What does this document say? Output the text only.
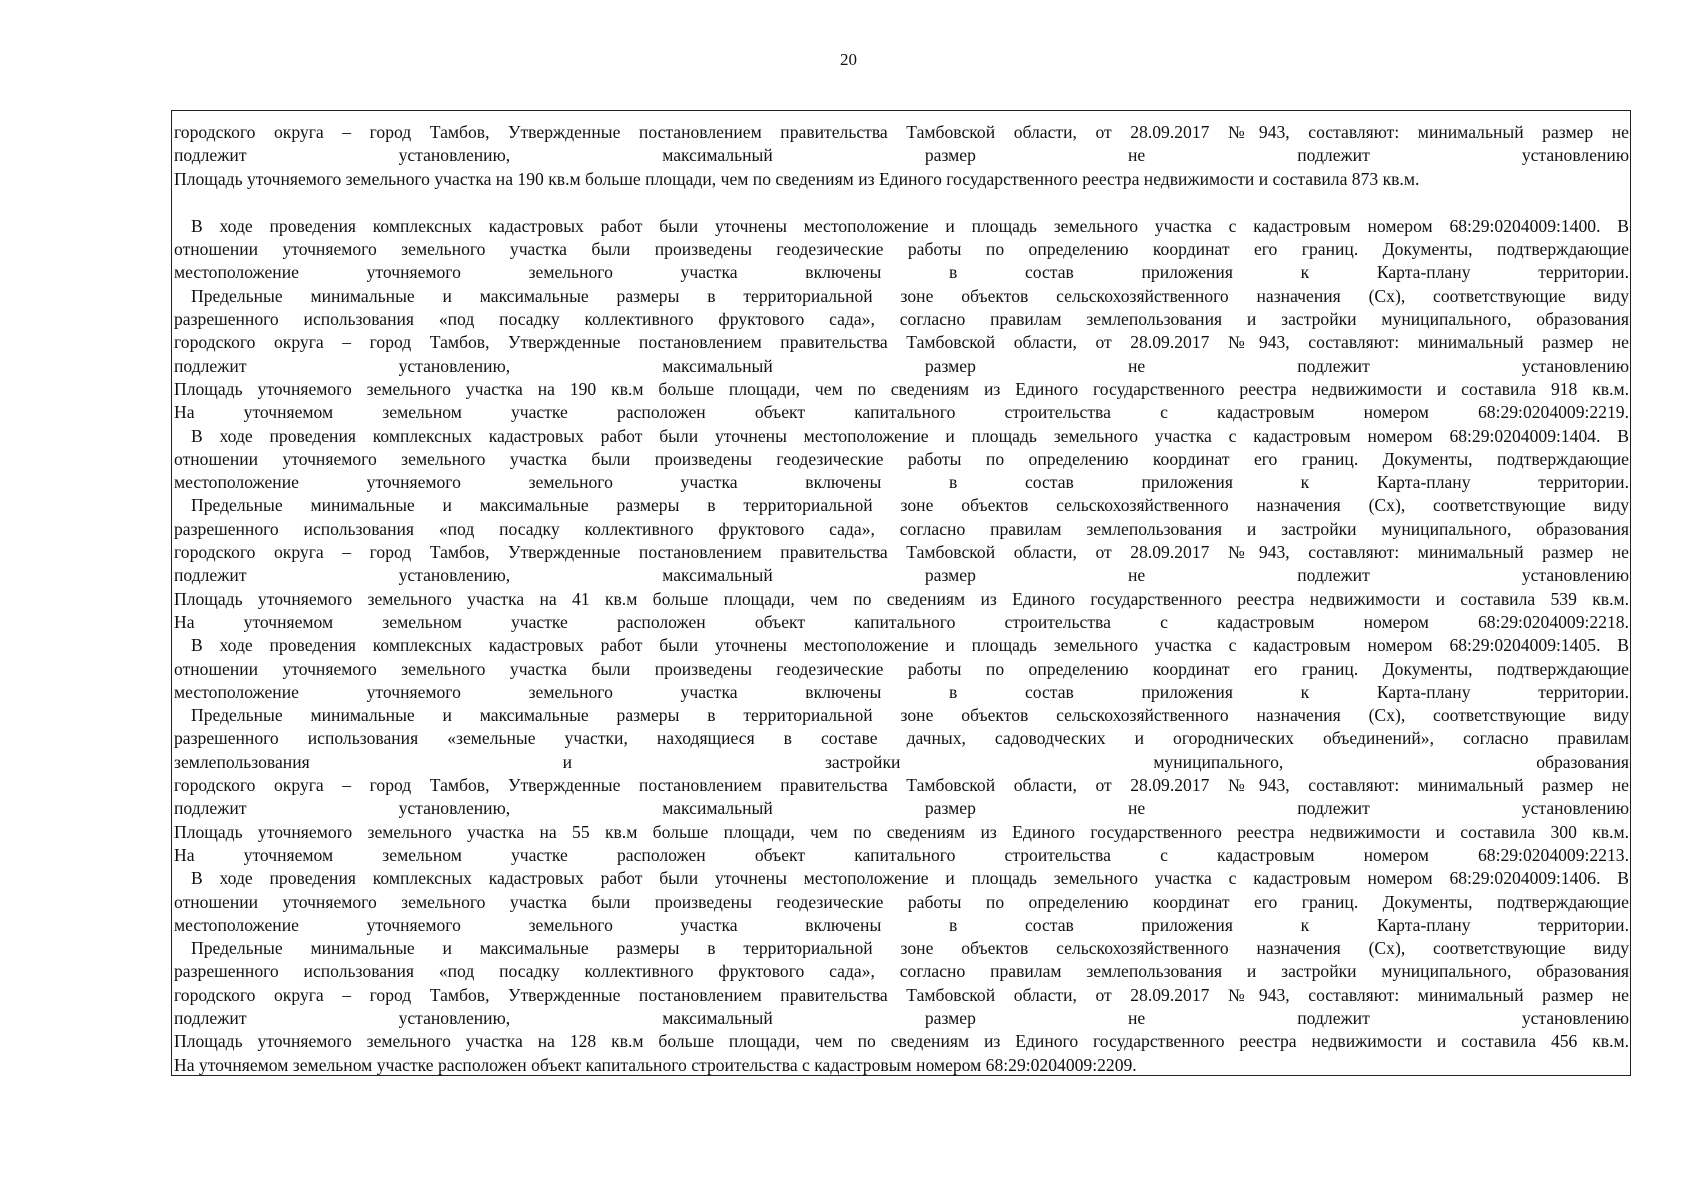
20
городского округа – город Тамбов, Утвержденные постановлением правительства Тамбовской области, от 28.09.2017 №943, составляют: минимальный размер не
подлежит установлению, максимальный размер не подлежит установлению
Площадь уточняемого земельного участка на 190 кв.м больше площади, чем по сведениям из Единого государственного реестра недвижимости и составила 873 кв.м.
В ходе проведения комплексных кадастровых работ были уточнены местоположение и площадь земельного участка с кадастровым номером 68:29:0204009:1400. В
отношении уточняемого земельного участка были произведены геодезические работы по определению координат его границ. Документы, подтверждающие
местоположение уточняемого земельного участка включены в состав приложения к Карта-плану территории.
Предельные минимальные и максимальные размеры в территориальной зоне объектов сельскохозяйственного назначения (Сх), соответствующие виду
разрешенного использования «под посадку коллективного фруктового сада», согласно правилам землепользования и застройки муниципального, образования
городского округа – город Тамбов, Утвержденные постановлением правительства Тамбовской области, от 28.09.2017 №943, составляют: минимальный размер не
подлежит установлению, максимальный размер не подлежит установлению
Площадь уточняемого земельного участка на 190 кв.м больше площади, чем по сведениям из Единого государственного реестра недвижимости и составила 918 кв.м.
На уточняемом земельном участке расположен объект капитального строительства с кадастровым номером 68:29:0204009:2219.
В ходе проведения комплексных кадастровых работ были уточнены местоположение и площадь земельного участка с кадастровым номером 68:29:0204009:1404. В
отношении уточняемого земельного участка были произведены геодезические работы по определению координат его границ. Документы, подтверждающие
местоположение уточняемого земельного участка включены в состав приложения к Карта-плану территории.
Предельные минимальные и максимальные размеры в территориальной зоне объектов сельскохозяйственного назначения (Сх), соответствующие виду
разрешенного использования «под посадку коллективного фруктового сада», согласно правилам землепользования и застройки муниципального, образования
городского округа – город Тамбов, Утвержденные постановлением правительства Тамбовской области, от 28.09.2017 №943, составляют: минимальный размер не
подлежит установлению, максимальный размер не подлежит установлению
Площадь уточняемого земельного участка на 41 кв.м больше площади, чем по сведениям из Единого государственного реестра недвижимости и составила 539 кв.м.
На уточняемом земельном участке расположен объект капитального строительства с кадастровым номером 68:29:0204009:2218.
В ходе проведения комплексных кадастровых работ были уточнены местоположение и площадь земельного участка с кадастровым номером 68:29:0204009:1405. В
отношении уточняемого земельного участка были произведены геодезические работы по определению координат его границ. Документы, подтверждающие
местоположение уточняемого земельного участка включены в состав приложения к Карта-плану территории.
Предельные минимальные и максимальные размеры в территориальной зоне объектов сельскохозяйственного назначения (Сх), соответствующие виду
разрешенного использования «земельные участки, находящиеся в составе дачных, садоводческих и огороднических объединений», согласно правилам
землепользования и застройки муниципального, образования
городского округа – город Тамбов, Утвержденные постановлением правительства Тамбовской области, от 28.09.2017 №943, составляют: минимальный размер не
подлежит установлению, максимальный размер не подлежит установлению
Площадь уточняемого земельного участка на 55 кв.м больше площади, чем по сведениям из Единого государственного реестра недвижимости и составила 300 кв.м.
На уточняемом земельном участке расположен объект капитального строительства с кадастровым номером 68:29:0204009:2213.
В ходе проведения комплексных кадастровых работ были уточнены местоположение и площадь земельного участка с кадастровым номером 68:29:0204009:1406. В
отношении уточняемого земельного участка были произведены геодезические работы по определению координат его границ. Документы, подтверждающие
местоположение уточняемого земельного участка включены в состав приложения к Карта-плану территории.
Предельные минимальные и максимальные размеры в территориальной зоне объектов сельскохозяйственного назначения (Сх), соответствующие виду
разрешенного использования «под посадку коллективного фруктового сада», согласно правилам землепользования и застройки муниципального, образования
городского округа – город Тамбов, Утвержденные постановлением правительства Тамбовской области, от 28.09.2017 №943, составляют: минимальный размер не
подлежит установлению, максимальный размер не подлежит установлению
Площадь уточняемого земельного участка на 128 кв.м больше площади, чем по сведениям из Единого государственного реестра недвижимости и составила 456 кв.м.
На уточняемом земельном участке расположен объект капитального строительства с кадастровым номером 68:29:0204009:2209.
